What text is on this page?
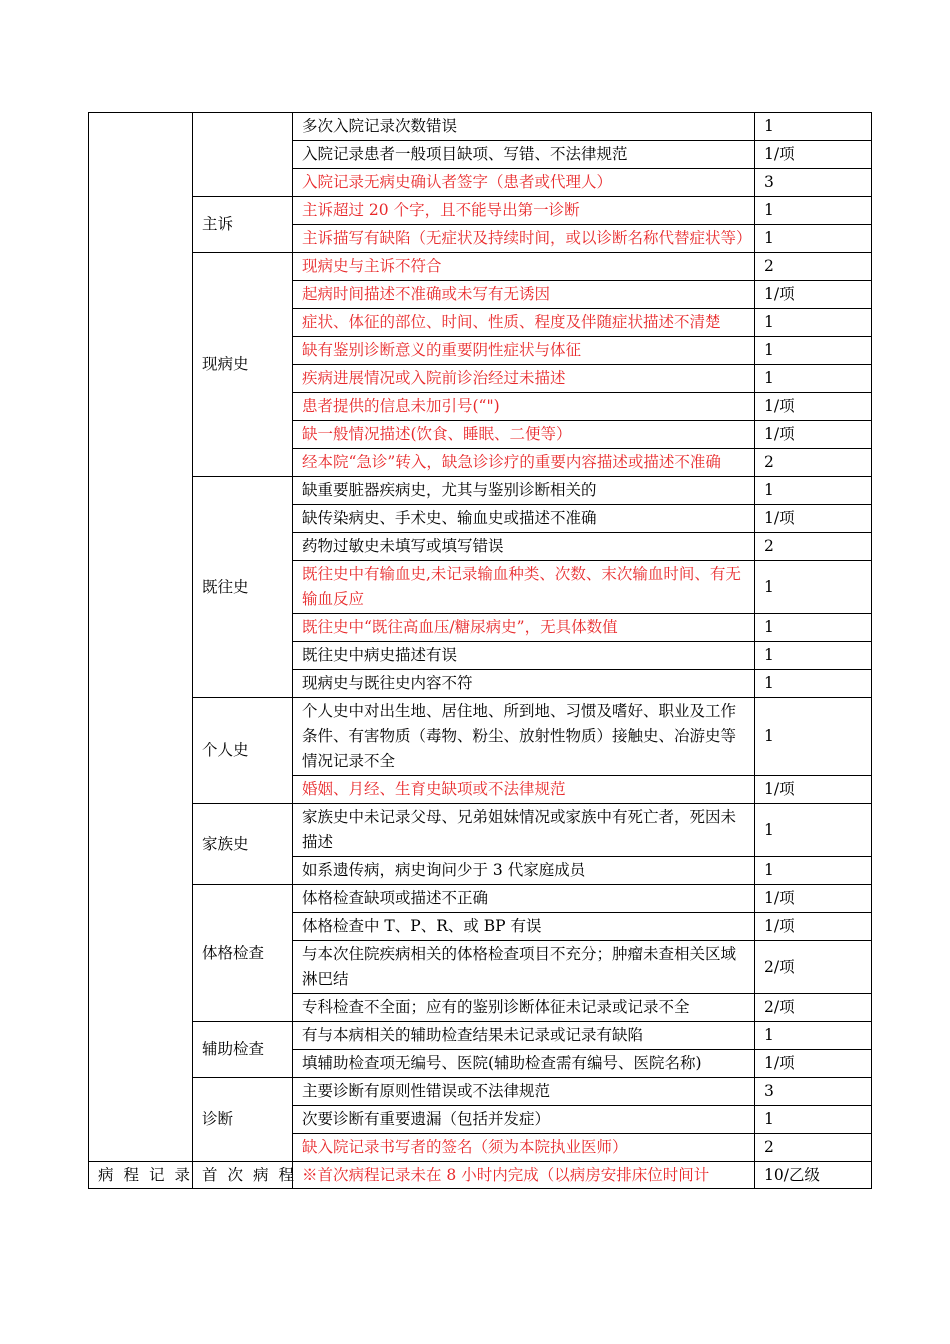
		多次入院记录次数错误	1
		入院记录患者一般项目缺项、写错、不法律规范	1/项
		入院记录无病史确认者签字（患者或代理人）	3
	主诉	主诉超过 20 个字，且不能导出第一诊断	1
		主诉描写有缺陷（无症状及持续时间，或以诊断名称代替症状等）	1
	现病史	现病史与主诉不符合	2
		起病时间描述不准确或未写有无诱因	1/项
		症状、体征的部位、时间、性质、程度及伴随症状描述不清楚	1
		缺有鉴别诊断意义的重要阴性症状与体征	1
		疾病进展情况或入院前诊治经过未描述	1
		患者提供的信息未加引号(“")	1/项
		缺一般情况描述(饮食、睡眠、二便等）	1/项
		经本院“急诊”转入，缺急诊诊疗的重要内容描述或描述不准确	2
	既往史	缺重要脏器疾病史，尤其与鉴别诊断相关的	1
		缺传染病史、手术史、输血史或描述不准确	1/项
		药物过敏史未填写或填写错误	2
		既往史中有输血史,未记录输血种类、次数、末次输血时间、有无输血反应	1
		既往史中“既往高血压/糖尿病史”，无具体数值	1
		既往史中病史描述有误	1
		现病史与既往史内容不符	1
	个人史	个人史中对出生地、居住地、所到地、习惯及嗜好、职业及工作条件、有害物质（毒物、粉尘、放射性物质）接触史、冶游史等情况记录不全	1
		婚姻、月经、生育史缺项或不法律规范	1/项
	家族史	家族史中未记录父母、兄弟姐妹情况或家族中有死亡者，死因未描述	1
		如系遗传病，病史询问少于 3 代家庭成员	1
	体格检查	体格检查缺项或描述不正确	1/项
		体格检查中 T、P、R、或 BP 有误	1/项
		与本次住院疾病相关的体格检查项目不充分；肿瘤未查相关区域淋巴结	2/项
		专科检查不全面；应有的鉴别诊断体征未记录或记录不全	2/项
	辅助检查	有与本病相关的辅助检查结果未记录或记录有缺陷	1
		填辅助检查项无编号、医院(辅助检查需有编号、医院名称)	1/项
	诊断	主要诊断有原则性错误或不法律规范	3
		次要诊断有重要遗漏（包括并发症）	1
		缺入院记录书写者的签名（须为本院执业医师）	2
病程记录	首次病程	※首次病程记录未在 8 小时内完成（以病房安排床位时间计	10/乙级
